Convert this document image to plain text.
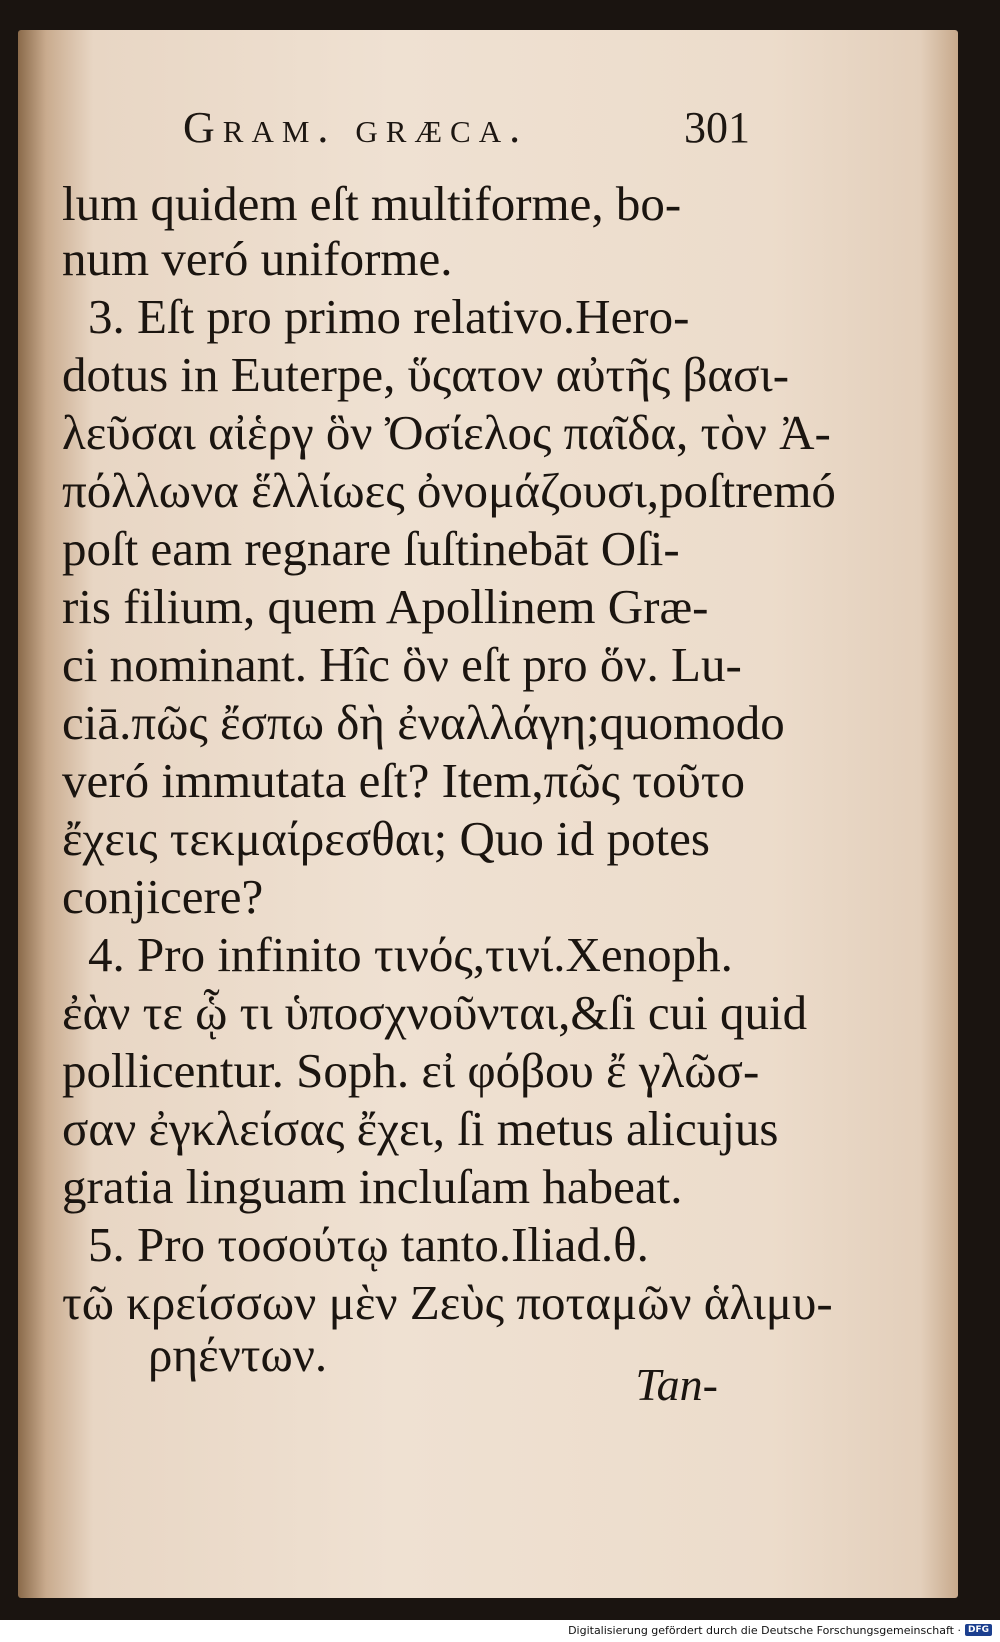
Gram. græca.	301
lum quidem eſt multiforme, bo-
num veró uniforme.
3. Eſt pro primo relativo.Hero-
dotus in Euterpe, ὕςατον αὐτῆς βασι-
λεῦσαι αἰἑργ ὃν Ὀσίελος παῖδα, τὸν Ἀ-
πόλλωνα ἕλλίωες ὀνομάζουσι,poſtremó
poſt eam regnare ſuſtinebāt Oſi-
ris filium, quem Apollinem Græ-
ci nominant. Hîc ὃν eſt pro ὅν. Lu-
ciā.πῶς ἔσπω δὴ ἐναλλάγη;quomodo
veró immutata eſt? Item,πῶς τοῦτο
ἔχεις τεκμαίρεσθαι; Quo id potes
conjicere?
4. Pro infinito τινός,τινί.Xenoph.
ἐὰν τε ᾧ τι ὑποσχνοῦνται,&ſi cui quid
pollicentur. Soph. εἰ φόβου ἔ γλῶσ-
σαν ἐγκλείσας ἔχει, ſi metus alicujus
gratia linguam incluſam habeat.
5. Pro τοσούτῳ tanto.Iliad.θ.
τῶ κρείσσων μὲν Ζεὺς ποταμῶν ἁλιμυ-
ρηέντων.
Tan-
Digitalisierung gefördert durch die Deutsche Forschungsgemeinschaft · DFG
